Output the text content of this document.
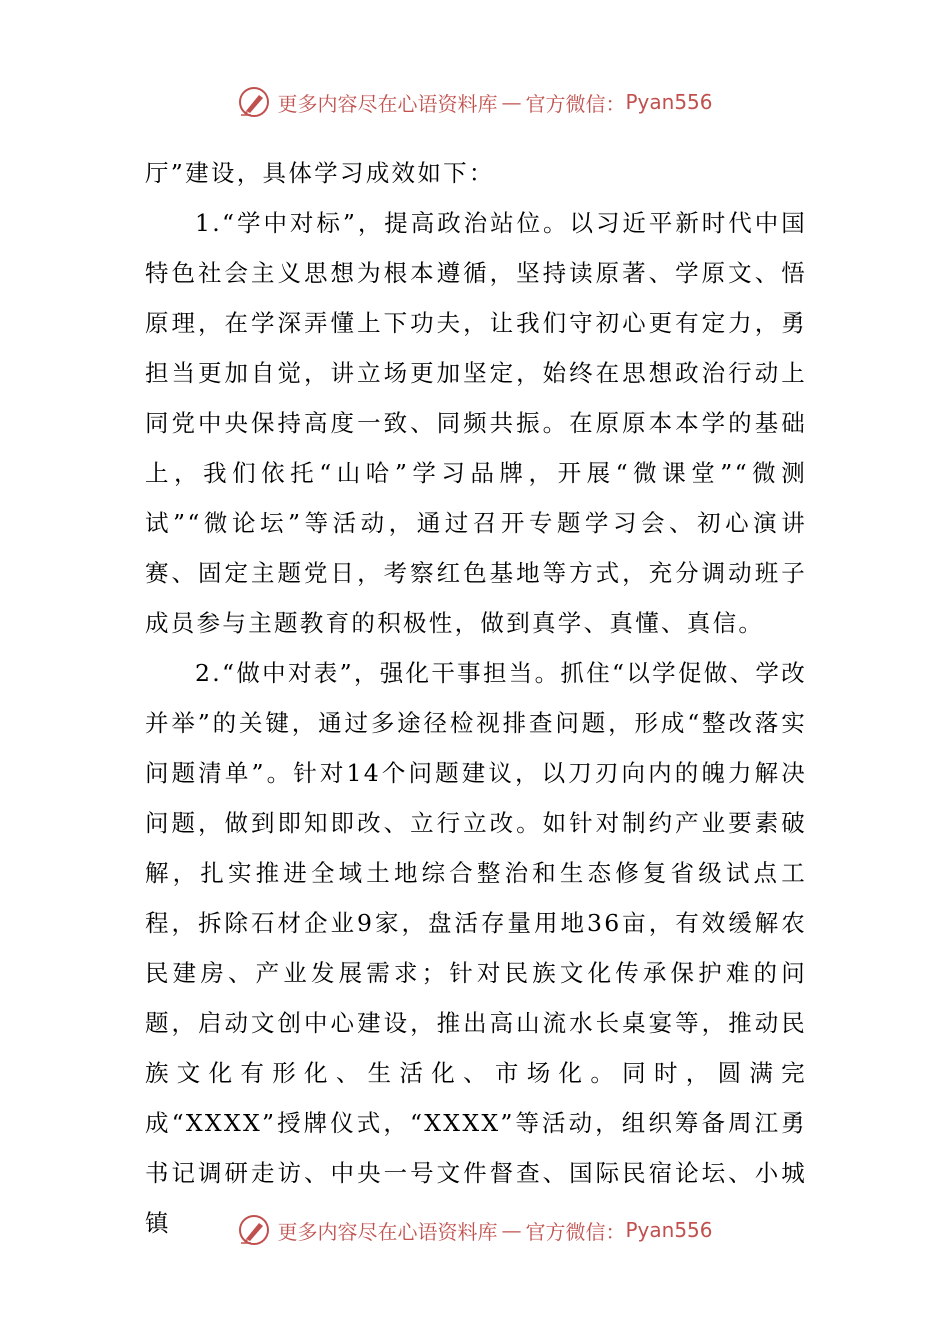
更多内容尽在心语资料库 — 官方微信： Pyan556

厅”建设，具体学习成效如下：

1.“学中对标”，提高政治站位。以习近平新时代中国特色社会主义思想为根本遵循，坚持读原著、学原文、悟原理，在学深弄懂上下功夫，让我们守初心更有定力，勇担当更加自觉，讲立场更加坚定，始终在思想政治行动上同党中央保持高度一致、同频共振。在原原本本学的基础上，我们依托“山哈”学习品牌，开展“微课堂”“微测试”“微论坛”等活动，通过召开专题学习会、初心演讲赛、固定主题党日，考察红色基地等方式，充分调动班子成员参与主题教育的积极性，做到真学、真懂、真信。

2.“做中对表”，强化干事担当。抓住“以学促做、学改并举”的关键，通过多途径检视排查问题，形成“整改落实问题清单”。针对14个问题建议，以刀刃向内的魄力解决问题，做到即知即改、立行立改。如针对制约产业要素破解，扎实推进全域土地综合整治和生态修复省级试点工程，拆除石材企业9家，盘活存量用地36亩，有效缓解农民建房、产业发展需求；针对民族文化传承保护难的问题，启动文创中心建设，推出高山流水长桌宴等，推动民族文化有形化、生活化、市场化。同时，圆满完成“XXXX”授牌仪式，“XXXX”等活动，组织筹备周江勇书记调研走访、中央一号文件督查、国际民宿论坛、小城镇	更多内容尽在心语资料库 — 官方微信： Pyan556
